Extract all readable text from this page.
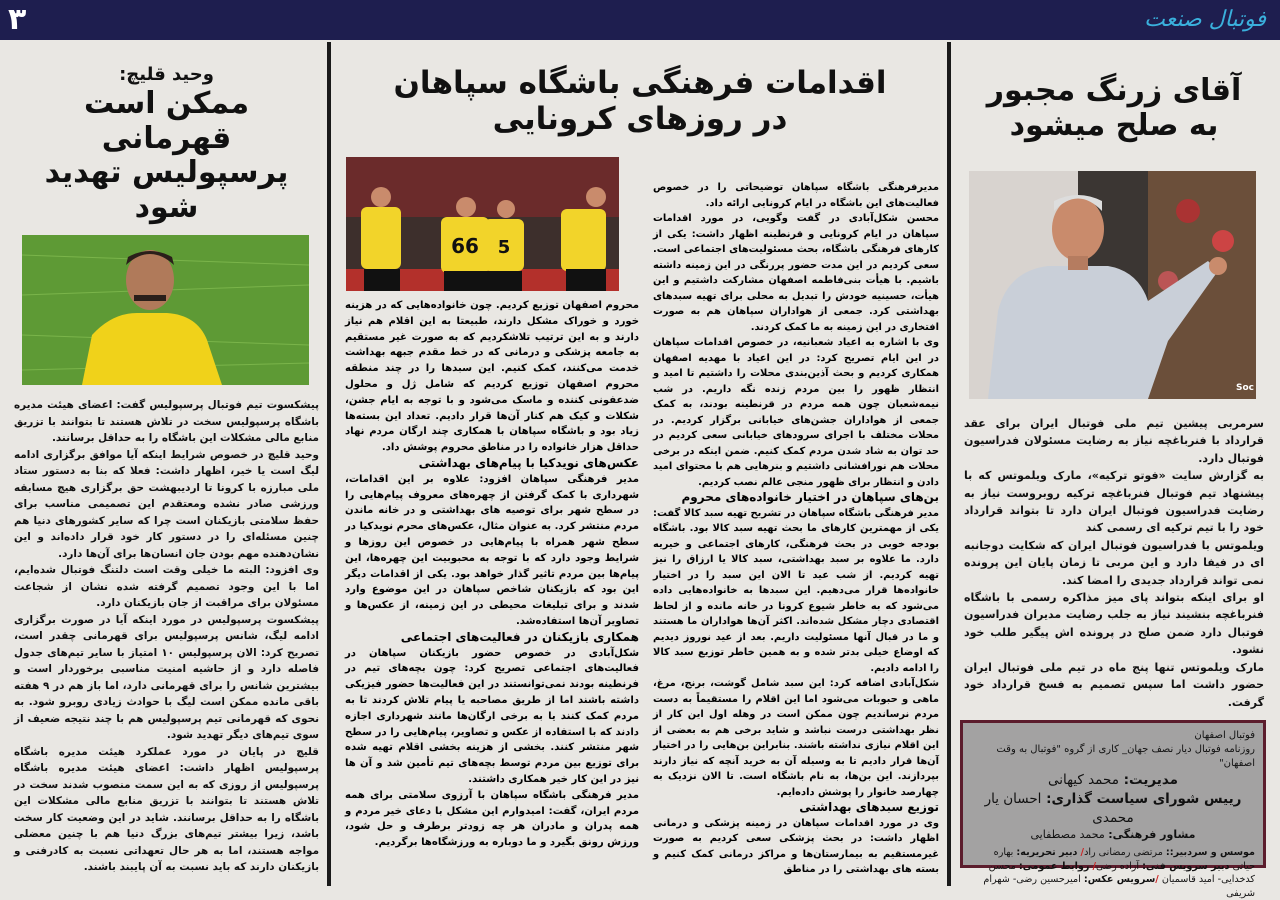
۳	فوتبال صنعت
آقای زرنگ مجبور
به صلح میشود
Soc

سرمربی پیشین تیم ملی فوتبال ایران برای عقد قرارداد با فنرباغچه نیاز به رضایت مسئولان فدراسیون فوتبال دارد.

به گزارش سایت «فوتو ترکیه»، مارک ویلموتس که با پیشنهاد تیم فوتبال فنرباغچه ترکیه روبروست نیاز به رضایت فدراسیون فوتبال ایران دارد تا بتواند قرارداد خود را با تیم ترکیه ای رسمی کند

ویلموتس با فدراسیون فوتبال ایران که شکایت دوجانبه ای در فیفا دارد و این مربی تا زمان پایان این پرونده نمی تواند قرارداد جدیدی را امضا کند.

او برای اینکه بتواند پای میز مذاکره رسمی با باشگاه فنرباغچه بنشیند نیاز به جلب رضایت مدیران فدراسیون فوتبال دارد ضمن صلح در پرونده اش پیگیر طلب خود نشود.

مارک ویلموتس تنها پنج ماه در تیم ملی فوتبال ایران حضور داشت اما سپس تصمیم به فسخ قرارداد خود گرفت.

فوتبال اصفهان
روزنامه فوتبال دیار نصف جهان_ کاری از گروه "فوتبال به وقت اصفهان"
مدیریت: محمد کیهانی
رییس شورای سیاست گذاری: احسان یار محمدی
مشاور فرهنگی: محمد مصطفایی
موسس و سردبیر:: مرتضی رمضانی راد/ دبیر تحریریه: بهاره حیاتی دبیر سرویس فنی: آزاده رضی/ روابط عمومی: محسن کدخدایی- امید قاسمیان /سرویس عکس: امیرحسین رضی- شهرام شریفی
اقدامات فرهنگی باشگاه سپاهان
در روزهای کرونایی

مدیرفرهنگی باشگاه سپاهان توضیحاتی را در خصوص فعالیت‌های این باشگاه در ایام کرونایی ارائه داد.

محسن شکل‌آبادی در گفت وگویی، در مورد اقدامات سپاهان در ایام کرونایی و قرنطینه اظهار داشت: یکی از کارهای فرهنگی باشگاه، بحث مسئولیت‌های اجتماعی است. سعی کردیم در این مدت حضور پررنگی در این زمینه داشته باشیم. با هیأت بنی‌فاطمه اصفهان مشارکت داشتیم و این هیأت، حسینیه خودش را تبدیل به محلی برای تهیه سبدهای بهداشتی کرد. جمعی از هواداران سپاهان هم به صورت افتخاری در این زمینه به ما کمک کردند.

وی با اشاره به اعیاد شعبانیه، در خصوص اقدامات سپاهان در این ایام تصریح کرد: در این اعیاد با مهدیه اصفهان همکاری کردیم و بحث آذین‌بندی محلات را داشتیم تا امید و انتظار ظهور را بین مردم زنده نگه داریم. در شب نیمه‌شعبان چون همه مردم در قرنطینه بودند، به کمک جمعی از هواداران جشن‌های خیابانی برگزار کردیم. در محلات مختلف با اجرای سرودهای خیابانی سعی کردیم در حد توان به شاد شدن مردم کمک کنیم. ضمن اینکه در برخی محلات هم نورافشانی داشتیم و بنرهایی هم با محتوای امید دادن و انتظار برای ظهور منجی عالم نصب کردیم.

بن‌های سپاهان در اختیار خانواده‌های محروم

مدیر فرهنگی باشگاه سپاهان در تشریح تهیه سبد کالا گفت: یکی از مهمترین کارهای ما بحث تهیه سبد کالا بود. باشگاه بودجه خوبی در بحث فرهنگی، کارهای اجتماعی و خیریه دارد. ما علاوه بر سبد بهداشتی، سبد کالا یا ارزاق را نیز تهیه کردیم. از شب عید تا الان این سبد را در اختیار خانواده‌ها قرار می‌دهیم. این سبدها به خانواده‌هایی داده می‌شود که به خاطر شیوع کرونا در خانه مانده و از لحاظ اقتصادی دچار مشکل شده‌اند. اکثر آن‌ها هواداران ما هستند و ما در قبال آنها مسئولیت داریم. بعد از عید نوروز دیدیم که اوضاع خیلی بدتر شده و به همین خاطر توزیع سبد کالا را ادامه دادیم.

شکل‌آبادی اضافه کرد: این سبد شامل گوشت، برنج، مرغ، ماهی و حبوبات می‌شود اما این اقلام را مستقیماً به دست مردم نرساندیم چون ممکن است در وهله اول این کار از نظر بهداشتی درست نباشد و شاید برخی هم به بعضی از این اقلام نیازی نداشته باشند. بنابراین بن‌هایی را در اختیار آن‌ها قرار دادیم تا به وسیله آن به خرید آنچه که نیاز دارند بپردازند. این بن‌ها، به نام باشگاه است. تا الان نزدیک به چهارصد خانوار را پوشش داده‌ایم.

توزیع سبدهای بهداشتی

وی در مورد اقدامات سپاهان در زمینه پزشکی و درمانی اظهار داشت: در بحث پزشکی سعی کردیم به صورت غیرمستقیم به بیمارستان‌ها و مراکز درمانی کمک کنیم و بسته های بهداشتی را در مناطق

66 5

محروم اصفهان توزیع کردیم. چون خانواده‌هایی که در هزینه خورد و خوراک مشکل دارند، طبیعتا به این اقلام هم نیاز دارند و به این ترتیب تلاشکردیم که به صورت غیر مستقیم به جامعه پزشکی و درمانی که در خط مقدم جبهه بهداشت خدمت می‌کنند، کمک کنیم. این سبدها را در چند منطقه محروم اصفهان توزیع کردیم که شامل ژل و محلول ضدعفونی کننده و ماسک می‌شود و با توجه به ایام جشن، شکلات و کیک هم کنار آن‌ها قرار دادیم. تعداد این بسته‌ها زیاد بود و باشگاه سپاهان با همکاری چند ارگان مردم نهاد حداقل هزار خانواده را در مناطق محروم پوشش داد.

عکس‌های نویدکیا با پیام‌های بهداشتی

مدیر فرهنگی سپاهان افزود: علاوه بر این اقدامات، شهرداری با کمک گرفتن از چهره‌های معروف پیام‌هایی را در سطح شهر برای توصیه های بهداشتی و در خانه ماندن مردم منتشر کرد. به عنوان مثال، عکس‌های محرم نویدکیا در سطح شهر همراه با پیام‌هایی در خصوص این روزها و شرایط وجود دارد که با توجه به محبوبیت این چهره‌ها، این پیام‌ها بین مردم تاثیر گذار خواهد بود. یکی از اقدامات دیگر این بود که بازیکنان شاخص سپاهان در این موضوع وارد شدند و برای تبلیغات محیطی در این زمینه، از عکس‌ها و تصاویر آن‌ها استفاده‌شد.

همکاری بازیکنان در فعالیت‌های اجتماعی

شکل‌آبادی در خصوص حضور بازیکنان سپاهان در فعالیت‌های اجتماعی تصریح کرد: چون بچه‌های تیم در فرنطینه بودند نمی‌توانستند در این فعالیت‌ها حضور فیزیکی داشته باشند اما از طریق مصاحبه یا پیام تلاش کردند تا به مردم کمک کنند یا به برخی ارگان‌ها مانند شهرداری اجازه دادند که با استفاده از عکس و تصاویر، پیام‌هایی را در سطح شهر منتشر کنند. بخشی از هزینه بخشی اقلام تهیه شده برای توزیع بین مردم توسط بچه‌های تیم تأمین شد و آن ها نیز در این کار خیر همکاری داشتند.

مدیر فرهنگی باشگاه سپاهان با آرزوی سلامتی برای همه مردم ایران، گفت: امیدوارم این مشکل با دعای خیر مردم و همه پدران و مادران هر چه زودتر برطرف و حل شود، ورزش رونق بگیرد و ما دوباره به ورزشگاه‌ها برگردیم.

وحید قلیچ:
ممکن است قهرمانی
پرسپولیس تهدید شود

پیشکسوت تیم فوتبال پرسپولیس گفت: اعضای هیئت مدیره باشگاه پرسپولیس سخت در تلاش هستند تا بتوانند با تزریق منابع مالی مشکلات این باشگاه را به حداقل برسانند.

وحید قلیچ در خصوص شرایط اینکه آیا موافق برگزاری ادامه لیگ است یا خیر، اظهار داشت: فعلا که بنا به دستور ستاد ملی مبارزه با کرونا تا اردیبهشت حق برگزاری هیچ مسابقه ورزشی صادر نشده ومعتقدم این تصمیمی مناسب برای حفظ سلامتی بازیکنان است چرا که سایر کشورهای دنیا هم چنین مسئله‌ای را در دستور کار خود قرار داده‌اند و این نشان‌دهنده مهم بودن جان انسان‌ها برای آن‌ها دارد.

وی افزود: البته ما خیلی وقت است دلتنگ فوتبال شده‌ایم، اما با این وجود تصمیم گرفته شده نشان از شجاعت مسئولان برای مراقبت از جان بازیکنان دارد.

پیشکسوت پرسپولیس در مورد اینکه آیا در صورت برگزاری ادامه لیگ، شانس پرسپولیس برای قهرمانی چقدر است، تصریح کرد: الان پرسپولیس ۱۰ امتیاز با سایر تیم‌های جدول فاصله دارد و از حاشیه امنیت مناسبی برخوردار است و بیشترین شانس را برای قهرمانی دارد، اما باز هم در ۹ هفته باقی مانده ممکن است لیگ با حوادث زیادی روبرو شود. به نحوی که قهرمانی تیم پرسپولیس هم با چند نتیجه ضعیف از سوی تیم‌های دیگر تهدید شود.

قلیچ در پایان در مورد عملکرد هیئت مدیره باشگاه پرسپولیس اظهار داشت: اعضای هیئت مدیره باشگاه پرسپولیس از روزی که به این سمت منصوب شدند سخت در تلاش هستند تا بتوانند با تزریق منابع مالی مشکلات این باشگاه را به حداقل برسانند. شاید در این وضعیت کار سخت باشد، زیرا بیشتر تیم‌های بزرگ دنیا هم با چنین معضلی مواجه هستند، اما به هر حال تعهداتی نسبت به کادرفنی و بازیکنان دارند که باید نسبت به آن پایبند باشند.
